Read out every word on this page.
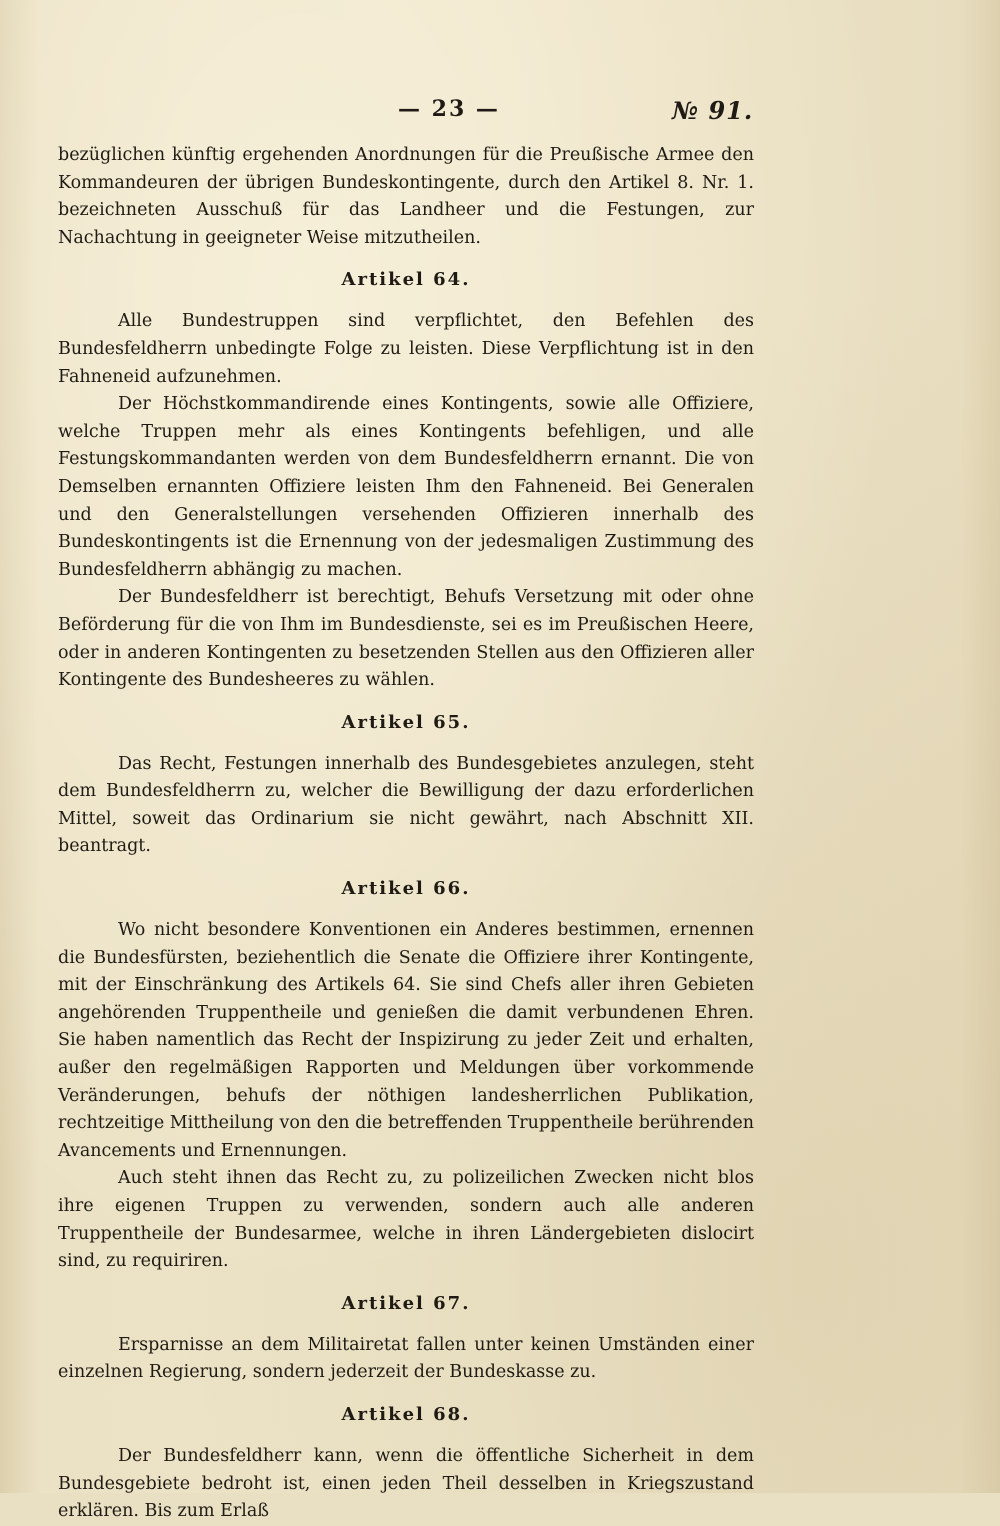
— 23 —	№ 91.

bezüglichen künftig ergehenden Anordnungen für die Preußische Armee den Kommandeuren der übrigen Bundeskontingente, durch den Artikel 8. Nr. 1. bezeichneten Ausschuß für das Landheer und die Festungen, zur Nachachtung in geeigneter Weise mitzutheilen.

Artikel 64.

Alle Bundestruppen sind verpflichtet, den Befehlen des Bundesfeldherrn unbedingte Folge zu leisten. Diese Verpflichtung ist in den Fahneneid aufzunehmen.

Der Höchstkommandirende eines Kontingents, sowie alle Offiziere, welche Truppen mehr als eines Kontingents befehligen, und alle Festungskommandanten werden von dem Bundesfeldherrn ernannt. Die von Demselben ernannten Offiziere leisten Ihm den Fahneneid. Bei Generalen und den Generalstellungen versehenden Offizieren innerhalb des Bundeskontingents ist die Ernennung von der jedesmaligen Zustimmung des Bundesfeldherrn abhängig zu machen.

Der Bundesfeldherr ist berechtigt, Behufs Versetzung mit oder ohne Beförderung für die von Ihm im Bundesdienste, sei es im Preußischen Heere, oder in anderen Kontingenten zu besetzenden Stellen aus den Offizieren aller Kontingente des Bundesheeres zu wählen.

Artikel 65.

Das Recht, Festungen innerhalb des Bundesgebietes anzulegen, steht dem Bundesfeldherrn zu, welcher die Bewilligung der dazu erforderlichen Mittel, soweit das Ordinarium sie nicht gewährt, nach Abschnitt XII. beantragt.

Artikel 66.

Wo nicht besondere Konventionen ein Anderes bestimmen, ernennen die Bundesfürsten, beziehentlich die Senate die Offiziere ihrer Kontingente, mit der Einschränkung des Artikels 64. Sie sind Chefs aller ihren Gebieten angehörenden Truppentheile und genießen die damit verbundenen Ehren. Sie haben namentlich das Recht der Inspizirung zu jeder Zeit und erhalten, außer den regelmäßigen Rapporten und Meldungen über vorkommende Veränderungen, behufs der nöthigen landesherrlichen Publikation, rechtzeitige Mittheilung von den die betreffenden Truppentheile berührenden Avancements und Ernennungen.

Auch steht ihnen das Recht zu, zu polizeilichen Zwecken nicht blos ihre eigenen Truppen zu verwenden, sondern auch alle anderen Truppentheile der Bundesarmee, welche in ihren Ländergebieten dislocirt sind, zu requiriren.

Artikel 67.

Ersparnisse an dem Militairetat fallen unter keinen Umständen einer einzelnen Regierung, sondern jederzeit der Bundeskasse zu.

Artikel 68.

Der Bundesfeldherr kann, wenn die öffentliche Sicherheit in dem Bundesgebiete bedroht ist, einen jeden Theil desselben in Kriegszustand erklären. Bis zum Erlaß
